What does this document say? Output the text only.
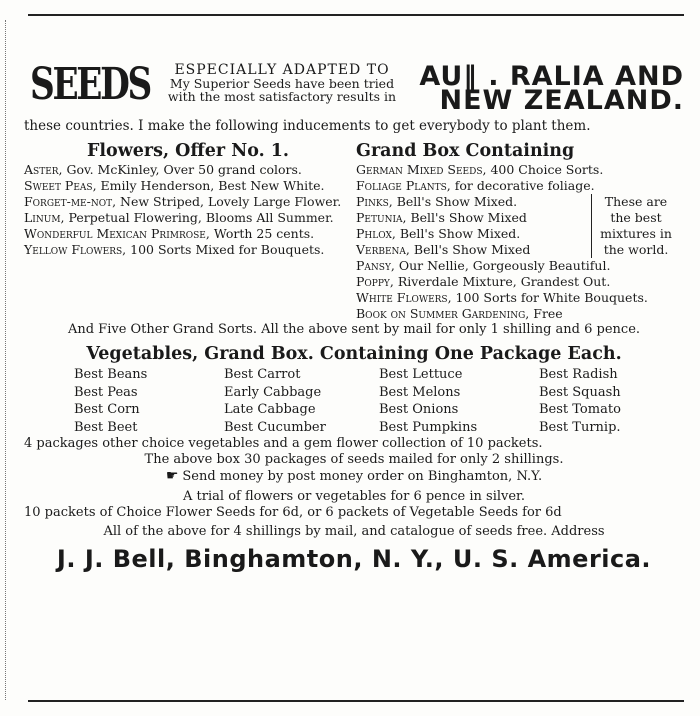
SEEDS	ESPECIALLY ADAPTED TO
My Superior Seeds have been tried
with the most satisfactory results in
AU‖ . RALIA AND
NEW ZEALAND.
these countries. I make the following inducements to get everybody to plant them.
Flowers, Offer No. 1.
Aster, Gov. McKinley, Over 50 grand colors.
Sweet Peas, Emily Henderson, Best New White.
Forget-me-not, New Striped, Lovely Large Flower.
Linum, Perpetual Flowering, Blooms All Summer.
Wonderful Mexican Primrose, Worth 25 cents.
Yellow Flowers, 100 Sorts Mixed for Bouquets.
Grand Box Containing
German Mixed Seeds, 400 Choice Sorts.
Foliage Plants, for decorative foliage.
Pinks, Bell's Show Mixed.
Petunia, Bell's Show Mixed
Phlox, Bell's Show Mixed.
Verbena, Bell's Show Mixed
These are the best mixtures in the world.
Pansy, Our Nellie, Gorgeously Beautiful.
Poppy, Riverdale Mixture, Grandest Out.
White Flowers, 100 Sorts for White Bouquets.
Book on Summer Gardening, Free
And Five Other Grand Sorts. All the above sent by mail for only 1 shilling and 6 pence.
Vegetables, Grand Box. Containing One Package Each.
Best Beans	Best Carrot	Best Lettuce	Best Radish
Best Peas	Early Cabbage	Best Melons	Best Squash
Best Corn	Late Cabbage	Best Onions	Best Tomato
Best Beet	Best Cucumber	Best Pumpkins	Best Turnip.
4 packages other choice vegetables and a gem flower collection of 10 packets.
The above box 30 packages of seeds mailed for only 2 shillings.
☛ Send money by post money order on Binghamton, N.Y.
A trial of flowers or vegetables for 6 pence in silver.
10 packets of Choice Flower Seeds for 6d, or 6 packets of Vegetable Seeds for 6d
All of the above for 4 shillings by mail, and catalogue of seeds free. Address
J. J. Bell, Binghamton, N. Y., U. S. America.
